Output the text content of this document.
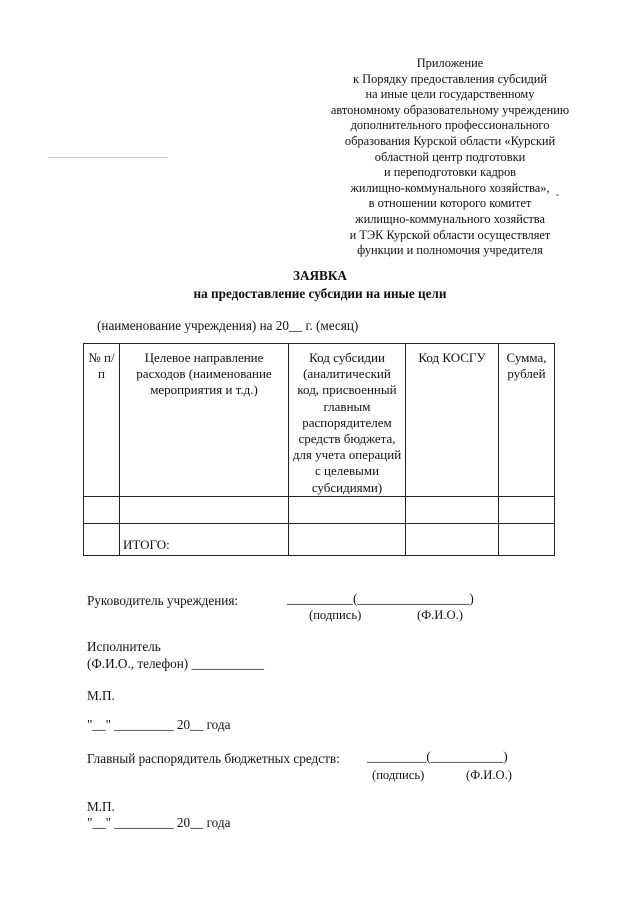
Приложение
к Порядку предоставления субсидий
на иные цели государственному
автономному образовательному учреждению
дополнительного профессионального
образования Курской области «Курский
областной центр подготовки
и переподготовки кадров
жилищно-коммунального хозяйства»,
в отношении которого комитет
жилищно-коммунального хозяйства
и ТЭК Курской области осуществляет
функции и полномочия учредителя
ЗАЯВКА
на предоставление субсидии на иные цели
(наименование учреждения) на 20__ г. (месяц)
№ п/п	Целевое направление расходов (наименование мероприятия и т.д.)	Код субсидии (аналитический код, присвоенный главным распорядителем средств бюджета, для учета операций с целевыми субсидиями)	Код КОСГУ	Сумма, рублей

	ИТОГО:			
Руководитель учреждения:	__________(_________________)
(подпись)	(Ф.И.О.)
Исполнитель
(Ф.И.О., телефон) ___________
М.П.
"__" _________ 20__ года
Главный распорядитель бюджетных средств: _________(___________)
(подпись)	(Ф.И.О.)
М.П.
"__" _________ 20__ года
